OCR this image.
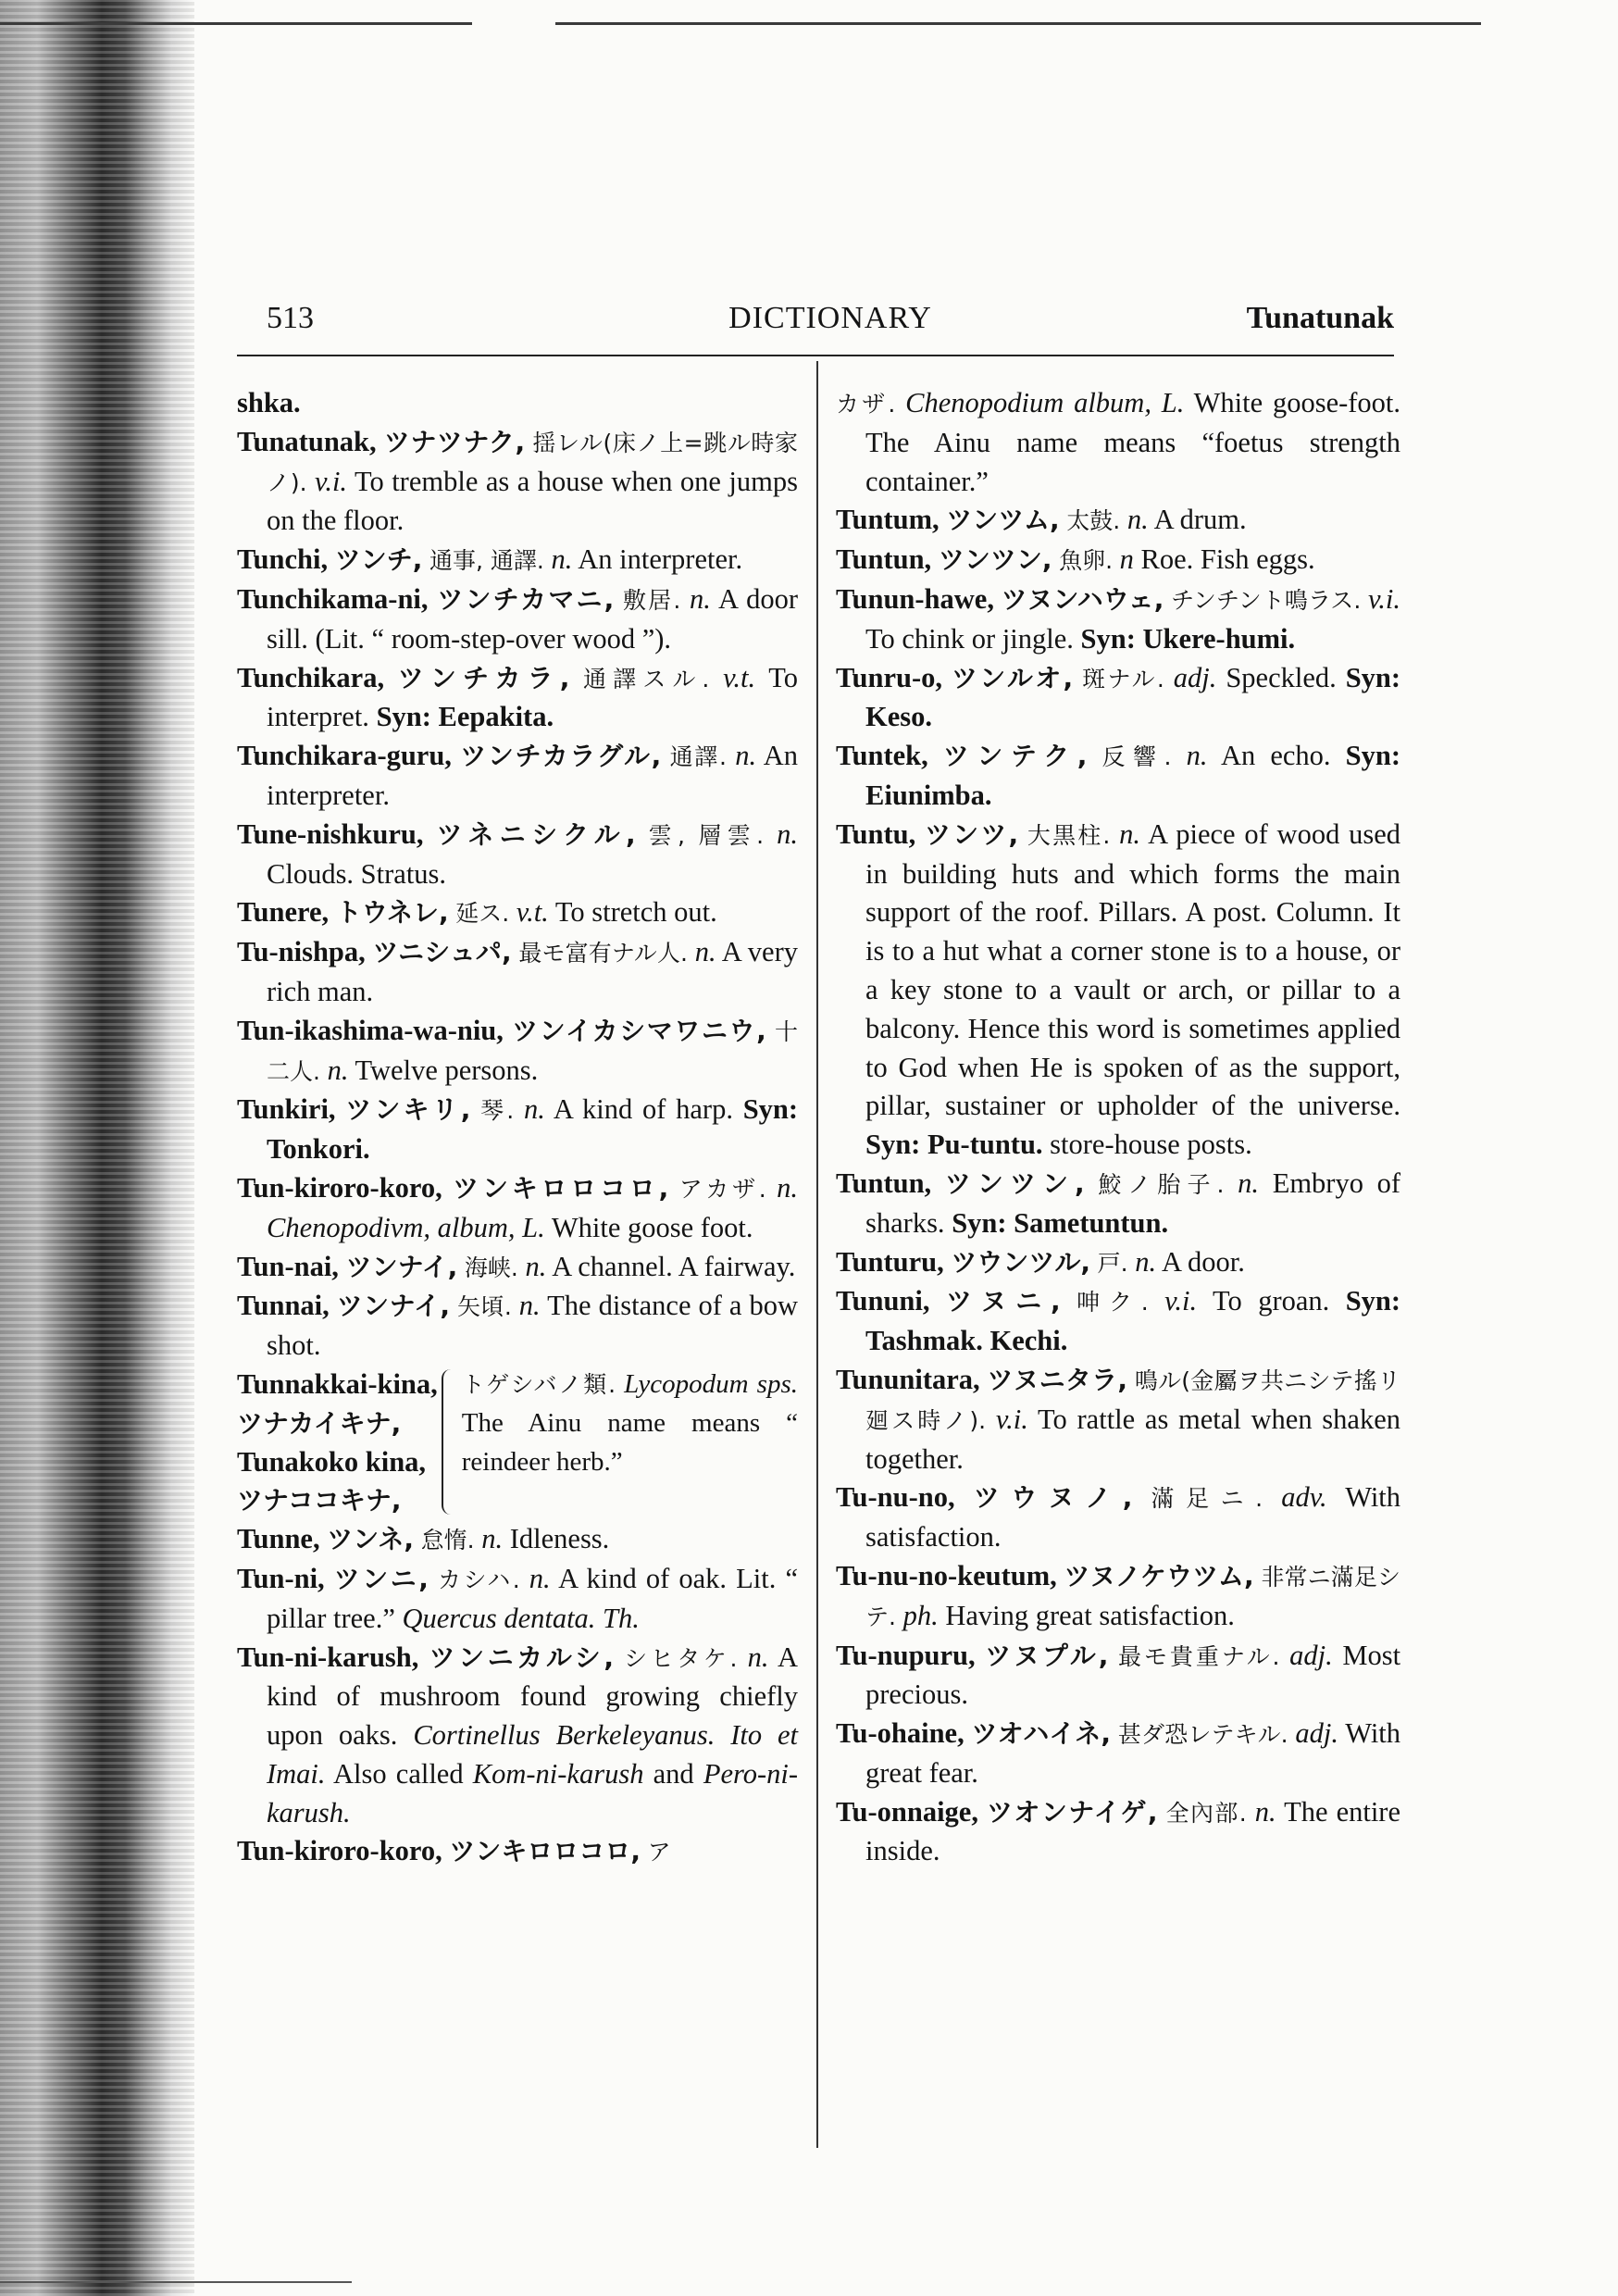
513	DICTIONARY	Tunatunak
shka.
Tunatunak, ツナツナク, 揺レル(床ノ上=跳ル時家ノ). v.i. To tremble as a house when one jumps on the floor.
Tunchi, ツンチ, 通事, 通譯. n. An interpreter.
Tunchikama-ni, ツンチカマニ, 敷居. n. A door sill. (Lit. “ room-step-over wood ”).
Tunchikara, ツンチカラ, 通譯スル. v.t. To interpret. Syn: Eepakita.
Tunchikara-guru, ツンチカラグル, 通譯. n. An interpreter.
Tune-nishkuru, ツネニシクル, 雲, 層雲. n. Clouds. Stratus.
Tunere, トウネレ, 延ス. v.t. To stretch out.
Tu-nishpa, ツニシュパ, 最モ富有ナル人. n. A very rich man.
Tun-ikashima-wa-niu, ツンイカシマワニウ, 十二人. n. Twelve persons.
Tunkiri, ツンキリ, 琴. n. A kind of harp. Syn: Tonkori.
Tun-kiroro-koro, ツンキロロコロ, アカザ. n. Chenopodivm, album, L. White goose foot.
Tun-nai, ツンナイ, 海峡. n. A channel. A fairway.
Tunnai, ツンナイ, 矢頃. n. The distance of a bow shot.
Tunnakkai-kina,
ツナカイキナ,
Tunakoko kina,
ツナココキナ,
トゲシバノ類. Lycopodum sps. The Ainu name means “ reindeer herb.”
Tunne, ツンネ, 怠惰. n. Idleness.
Tun-ni, ツンニ, カシハ. n. A kind of oak. Lit. “ pillar tree.” Quercus dentata. Th.
Tun-ni-karush, ツンニカルシ, シヒタケ. n. A kind of mushroom found growing chiefly upon oaks. Cortinellus Berkeleyanus. Ito et Imai. Also called Kom-ni-karush and Pero-ni-karush.
Tun-kiroro-koro, ツンキロロコロ, ア
カザ. Chenopodium album, L. White goose-foot. The Ainu name means “foetus strength container.”
Tuntum, ツンツム, 太鼓. n. A drum.
Tuntun, ツンツン, 魚卵. n Roe. Fish eggs.
Tunun-hawe, ツヌンハウェ, チンチント鳴ラス. v.i. To chink or jingle. Syn: Ukere-humi.
Tunru-o, ツンルオ, 斑ナル. adj. Speckled. Syn: Keso.
Tuntek, ツンテク, 反響. n. An echo. Syn: Eiunimba.
Tuntu, ツンツ, 大黒柱. n. A piece of wood used in building huts and which forms the main support of the roof. Pillars. A post. Column. It is to a hut what a corner stone is to a house, or a key stone to a vault or arch, or pillar to a balcony. Hence this word is sometimes applied to God when He is spoken of as the support, pillar, sustainer or upholder of the universe. Syn: Pu-tuntu. store-house posts.
Tuntun, ツンツン, 鮫ノ胎子. n. Embryo of sharks. Syn: Sametuntun.
Tunturu, ツウンツル, 戸. n. A door.
Tununi, ツヌニ, 呻ク. v.i. To groan. Syn: Tashmak. Kechi.
Tununitara, ツヌニタラ, 鳴ル(金屬ヲ共ニシテ搖リ廻ス時ノ). v.i. To rattle as metal when shaken together.
Tu-nu-no, ツウヌノ, 滿足ニ. adv. With satisfaction.
Tu-nu-no-keutum, ツヌノケウツム, 非常ニ滿足シテ. ph. Having great satisfaction.
Tu-nupuru, ツヌプル, 最モ貴重ナル. adj. Most precious.
Tu-ohaine, ツオハイネ, 甚ダ恐レテキル. adj. With great fear.
Tu-onnaige, ツオンナイゲ, 全內部. n. The entire inside.
